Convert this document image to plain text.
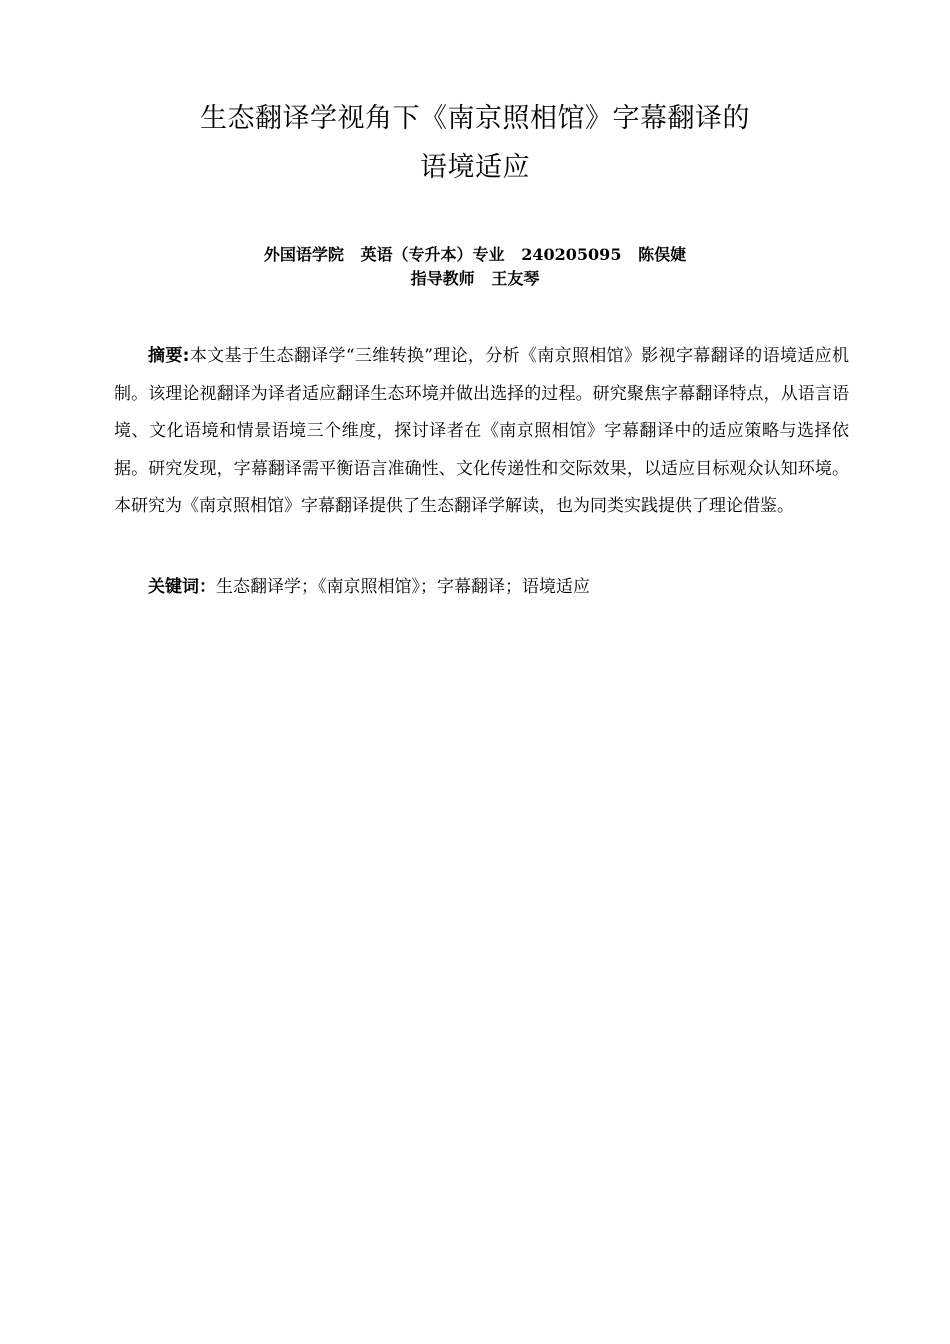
生态翻译学视角下《南京照相馆》字幕翻译的
语境适应
外国语学院   英语（专升本）专业   240205095   陈俣婕
指导教师   王友琴

摘要:本文基于生态翻译学“三维转换”理论，分析《南京照相馆》影视字幕翻译的语境适应机制。该理论视翻译为译者适应翻译生态环境并做出选择的过程。研究聚焦字幕翻译特点，从语言语境、文化语境和情景语境三个维度，探讨译者在《南京照相馆》字幕翻译中的适应策略与选择依据。研究发现，字幕翻译需平衡语言准确性、文化传递性和交际效果，以适应目标观众认知环境。本研究为《南京照相馆》字幕翻译提供了生态翻译学解读，也为同类实践提供了理论借鉴。

关键词：生态翻译学；《南京照相馆》；字幕翻译；语境适应
